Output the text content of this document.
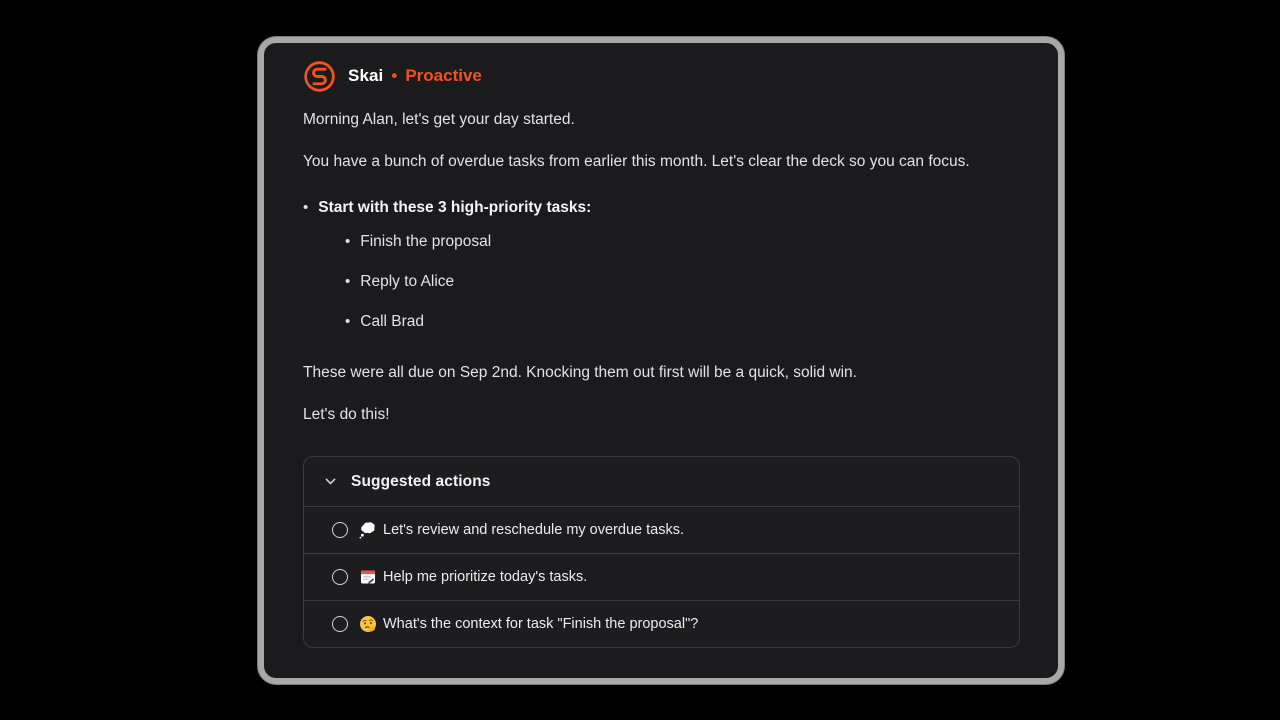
Skai • Proactive

Morning Alan, let's get your day started.

You have a bunch of overdue tasks from earlier this month. Let's clear the deck so you can focus.

• Start with these 3 high-priority tasks:
• Finish the proposal
• Reply to Alice
• Call Brad

These were all due on Sep 2nd. Knocking them out first will be a quick, solid win.

Let's do this!

Suggested actions
Let's review and reschedule my overdue tasks.
Help me prioritize today's tasks.
What's the context for task "Finish the proposal"?
